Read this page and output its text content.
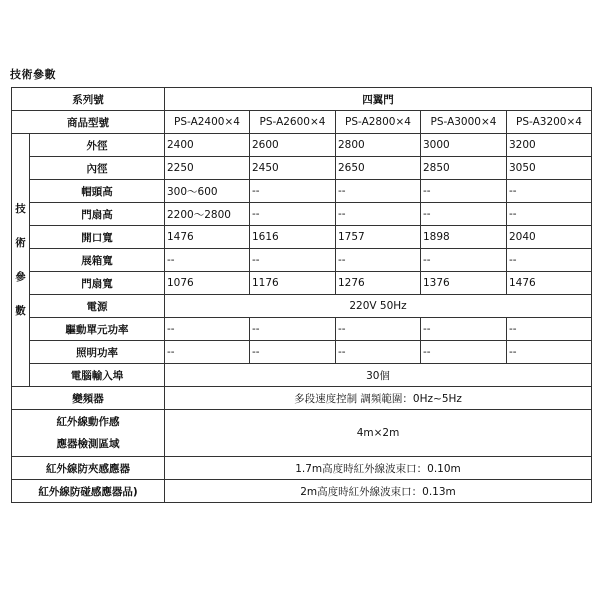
技術參數
系列號		四翼門				
商品型號		PS-A2400×4	PS-A2600×4	PS-A2800×4	PS-A3000×4	PS-A3200×4

技
術
參
數	外徑	2400	2600	2800	3000	3200
	內徑	2250	2450	2650	2850	3050
	帽頭高	300～600	--	--	--	--
	門扇高	2200～2800	--	--	--	--
	開口寬	1476	1616	1757	1898	2040
	展箱寬	--	--	--	--	--
	門扇寬	1076	1176	1276	1376	1476
	電源	220V 50Hz				
	驅動單元功率	--	--	--	--	--
	照明功率	--	--	--	--	--
	電腦輸入埠	30個				
變頻器		多段速度控制 調頻範圍：0Hz~5Hz				

紅外線動作感
應器檢測區域		4m×2m				
紅外線防夾感應器		1.7m高度時紅外線波束口：0.10m				
紅外線防碰感應器品)		2m高度時紅外線波束口：0.13m				
